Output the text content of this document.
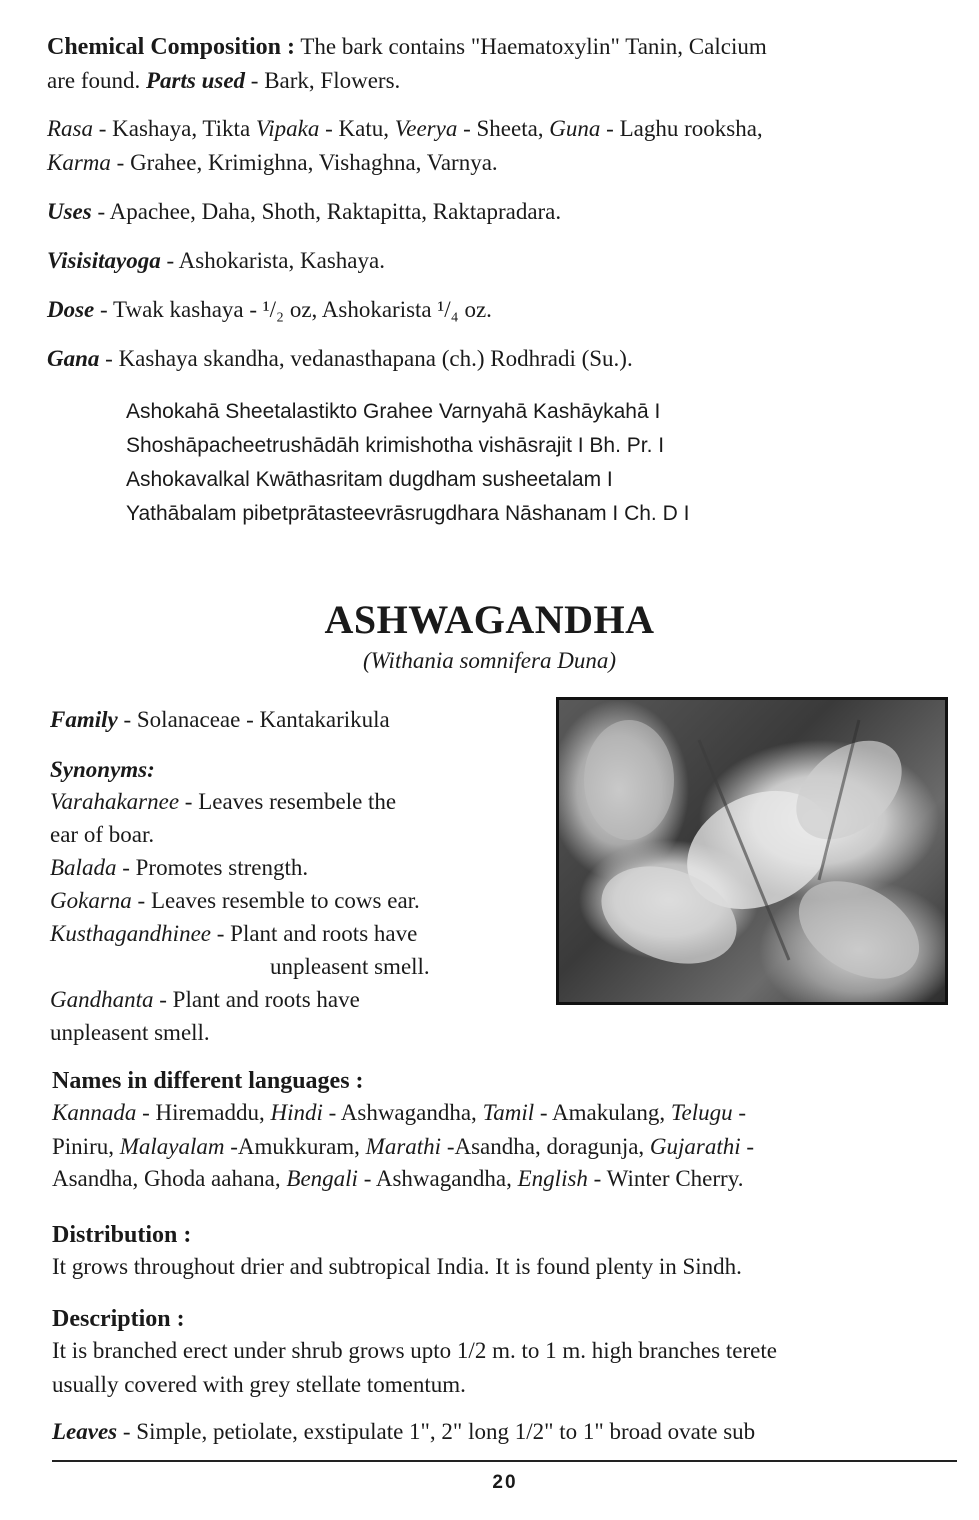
Chemical Composition : The bark contains "Haematoxylin" Tanin, Calcium
are found. Parts used - Bark, Flowers.
Rasa - Kashaya, Tikta Vipaka - Katu, Veerya - Sheeta, Guna - Laghu rooksha,
Karma - Grahee, Krimighna, Vishaghna, Varnya.
Uses - Apachee, Daha, Shoth, Raktapitta, Raktapradara.
Visisitayoga - Ashokarista, Kashaya.
Dose - Twak kashaya - ¹/₂ oz, Ashokarista ¹/₄ oz.
Gana - Kashaya skandha, vedanasthapana (ch.) Rodhradi (Su.).
Ashokahā Sheetalastikto Grahee Varnyahā Kashāykahā I
Shoshāpacheetrushādāh krimishotha vishāsrajit I Bh. Pr. I
Ashokavalkal Kwāthasritam dugdham susheetalam I
Yathābalam pibetprātasteevrāsrugdhara Nāshanam I Ch. D I
ASHWAGANDHA
(Withania somnifera Duna)
Family - Solanaceae - Kantakarikula
Synonyms:
Varahakarnee - Leaves resembele the
ear of boar.
Balada - Promotes strength.
Gokarna - Leaves resemble to cows ear.
Kusthagandhinee - Plant and roots have
unpleasent smell.
Gandhanta - Plant and roots have
unpleasent smell.
Names in different languages :
Kannada - Hiremaddu, Hindi - Ashwagandha, Tamil - Amakulang, Telugu -
Piniru, Malayalam -Amukkuram, Marathi -Asandha, doragunja, Gujarathi -
Asandha, Ghoda aahana, Bengali - Ashwagandha, English - Winter Cherry.
Distribution :
It grows throughout drier and subtropical India. It is found plenty in Sindh.
Description :
It is branched erect under shrub grows upto 1/2 m. to 1 m. high branches terete
usually covered with grey stellate tomentum.
Leaves - Simple, petiolate, exstipulate 1", 2" long 1/2" to 1" broad ovate sub
20
